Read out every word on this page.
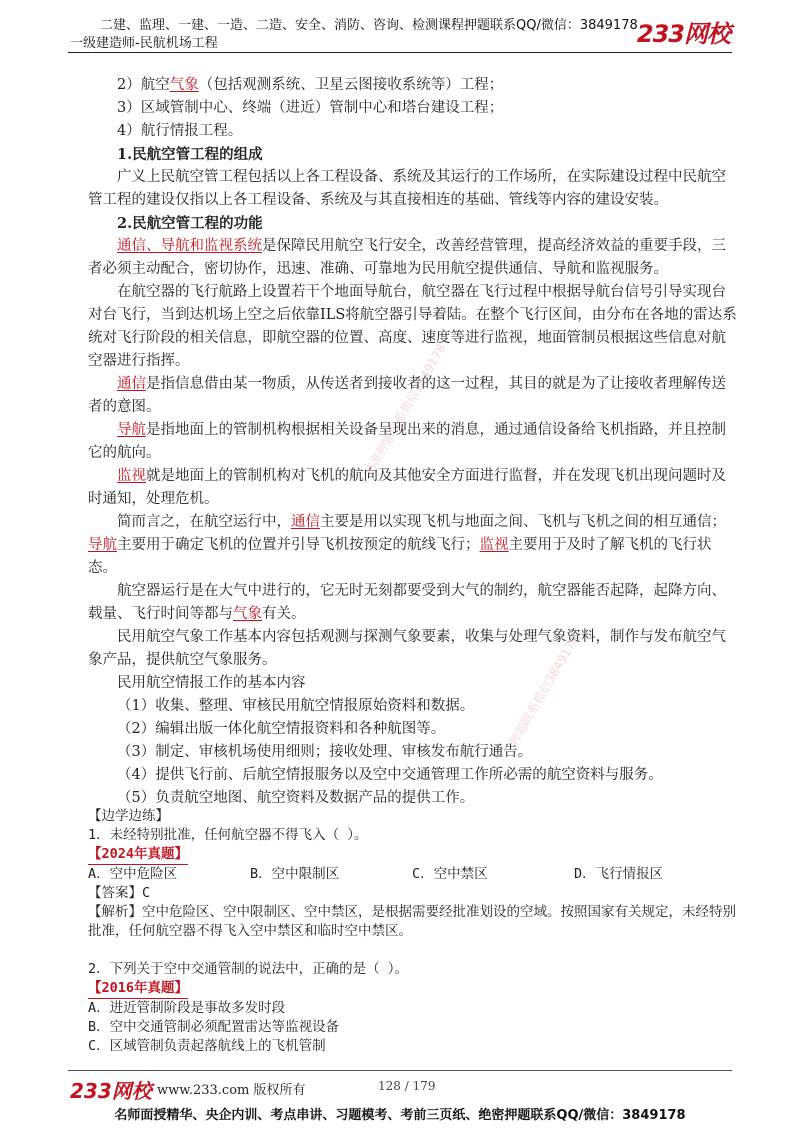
二建、监理、一建、一造、二造、安全、消防、咨询、检测课程押题联系QQ/微信：3849178
一级建造师-民航机场工程	233网校
精准押题联系微信3849178
押题联系微信3849178

2）航空气象（包括观测系统、卫星云图接收系统等）工程；

3）区域管制中心、终端（进近）管制中心和塔台建设工程；

4）航行情报工程。

1.民航空管工程的组成

广义上民航空管工程包括以上各工程设备、系统及其运行的工作场所，在实际建设过程中民航空管工程的建设仅指以上各工程设备、系统及与其直接相连的基础、管线等内容的建设安装。

2.民航空管工程的功能

通信、导航和监视系统是保障民用航空飞行安全，改善经营管理，提高经济效益的重要手段，三者必须主动配合，密切协作，迅速、准确、可靠地为民用航空提供通信、导航和监视服务。

在航空器的飞行航路上设置若干个地面导航台，航空器在飞行过程中根据导航台信号引导实现台对台飞行，当到达机场上空之后依靠ILS将航空器引导着陆。在整个飞行区间，由分布在各地的雷达系统对飞行阶段的相关信息，即航空器的位置、高度、速度等进行监视，地面管制员根据这些信息对航空器进行指挥。

通信是指信息借由某一物质，从传送者到接收者的这一过程，其目的就是为了让接收者理解传送者的意图。

导航是指地面上的管制机构根据相关设备呈现出来的消息，通过通信设备给飞机指路，并且控制它的航向。

监视就是地面上的管制机构对飞机的航向及其他安全方面进行监督，并在发现飞机出现问题时及时通知，处理危机。

简而言之，在航空运行中，通信主要是用以实现飞机与地面之间、飞机与飞机之间的相互通信；导航主要用于确定飞机的位置并引导飞机按预定的航线飞行；监视主要用于及时了解飞机的飞行状态。

航空器运行是在大气中进行的，它无时无刻都要受到大气的制约，航空器能否起降，起降方向、载量、飞行时间等都与气象有关。

民用航空气象工作基本内容包括观测与探测气象要素，收集与处理气象资料，制作与发布航空气象产品，提供航空气象服务。

民用航空情报工作的基本内容

（1）收集、整理、审核民用航空情报原始资料和数据。

（2）编辑出版一体化航空情报资料和各种航图等。

（3）制定、审核机场使用细则；接收处理、审核发布航行通告。

（4）提供飞行前、后航空情报服务以及空中交通管理工作所必需的航空资料与服务。

（5）负责航空地图、航空资料及数据产品的提供工作。

【边学边练】

1．未经特别批准，任何航空器不得飞入（ ）。

【2024年真题】

A．空中危险区	B．空中限制区	C．空中禁区	D．飞行情报区

【答案】C

【解析】空中危险区、空中限制区、空中禁区，是根据需要经批准划设的空域。按照国家有关规定，未经特别批准，任何航空器不得飞入空中禁区和临时空中禁区。

2．下列关于空中交通管制的说法中，正确的是（ ）。

【2016年真题】

A．进近管制阶段是事故多发时段

B．空中交通管制必须配置雷达等监视设备

C．区域管制负责起落航线上的飞机管制

233网校 www.233.com 版权所有	128 / 179
名师面授精华、央企内训、考点串讲、习题模考、考前三页纸、绝密押题联系QQ/微信：3849178
